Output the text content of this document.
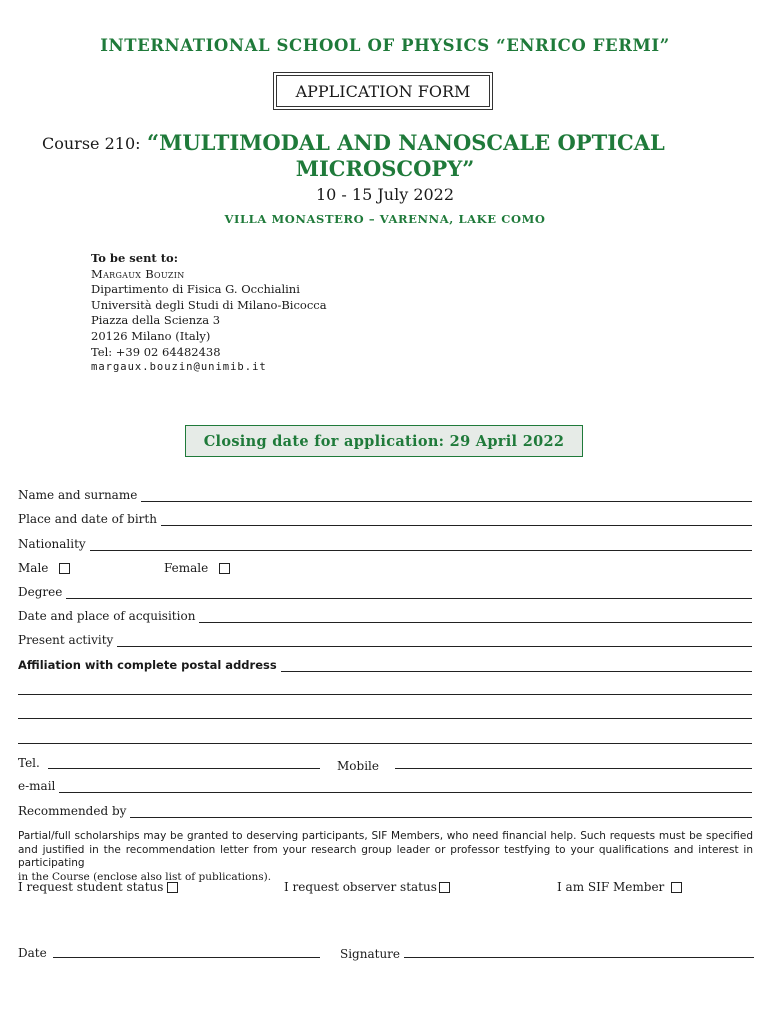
INTERNATIONAL SCHOOL OF PHYSICS “ENRICO FERMI”
APPLICATION FORM
Course 210: “MULTIMODAL AND NANOSCALE OPTICAL
MICROSCOPY”
10 - 15 July 2022
VILLA MONASTERO – VARENNA, LAKE COMO
To be sent to:
Margaux Bouzin
Dipartimento di Fisica G. Occhialini
Università degli Studi di Milano-Bicocca
Piazza della Scienza 3
20126 Milano (Italy)
Tel: +39 02 64482438
margaux.bouzin@unimib.it
Closing date for application: 29 April 2022
Name and surname
Place and date of birth
Nationality
Male	Female
Degree
Date and place of acquisition
Present activity
Affiliation with complete postal address
Tel.	Mobile
e-mail
Recommended by
Partial/full scholarships may be granted to deserving participants, SIF Members, who need financial help. Such requests must be specified and justified in the recommendation letter from your research group leader or professor testfying to your qualifications and interest in participating
in the Course (enclose also list of publications).
I request student status	I request observer status	I am SIF Member
Date	Signature
